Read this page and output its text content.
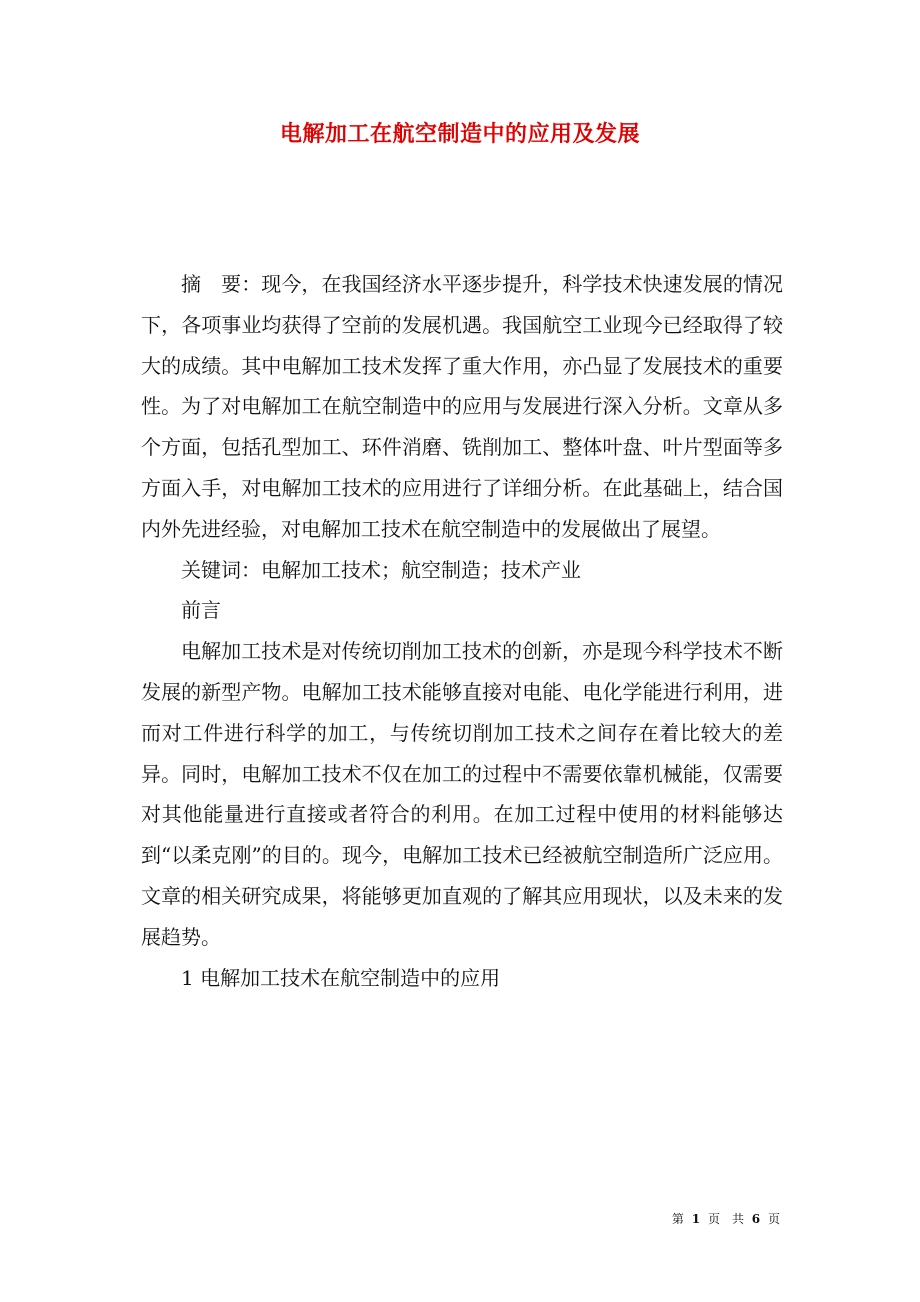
电解加工在航空制造中的应用及发展

摘　要：现今，在我国经济水平逐步提升，科学技术快速发展的情况下，各项事业均获得了空前的发展机遇。我国航空工业现今已经取得了较大的成绩。其中电解加工技术发挥了重大作用，亦凸显了发展技术的重要性。为了对电解加工在航空制造中的应用与发展进行深入分析。文章从多个方面，包括孔型加工、环件消磨、铣削加工、整体叶盘、叶片型面等多方面入手，对电解加工技术的应用进行了详细分析。在此基础上，结合国内外先进经验，对电解加工技术在航空制造中的发展做出了展望。

关键词：电解加工技术；航空制造；技术产业

前言

电解加工技术是对传统切削加工技术的创新，亦是现今科学技术不断发展的新型产物。电解加工技术能够直接对电能、电化学能进行利用，进而对工件进行科学的加工，与传统切削加工技术之间存在着比较大的差异。同时，电解加工技术不仅在加工的过程中不需要依靠机械能，仅需要对其他能量进行直接或者符合的利用。在加工过程中使用的材料能够达到“以柔克刚”的目的。现今，电解加工技术已经被航空制造所广泛应用。文章的相关研究成果，将能够更加直观的了解其应用现状，以及未来的发展趋势。

1 电解加工技术在航空制造中的应用

第 1 页　共 6 页
